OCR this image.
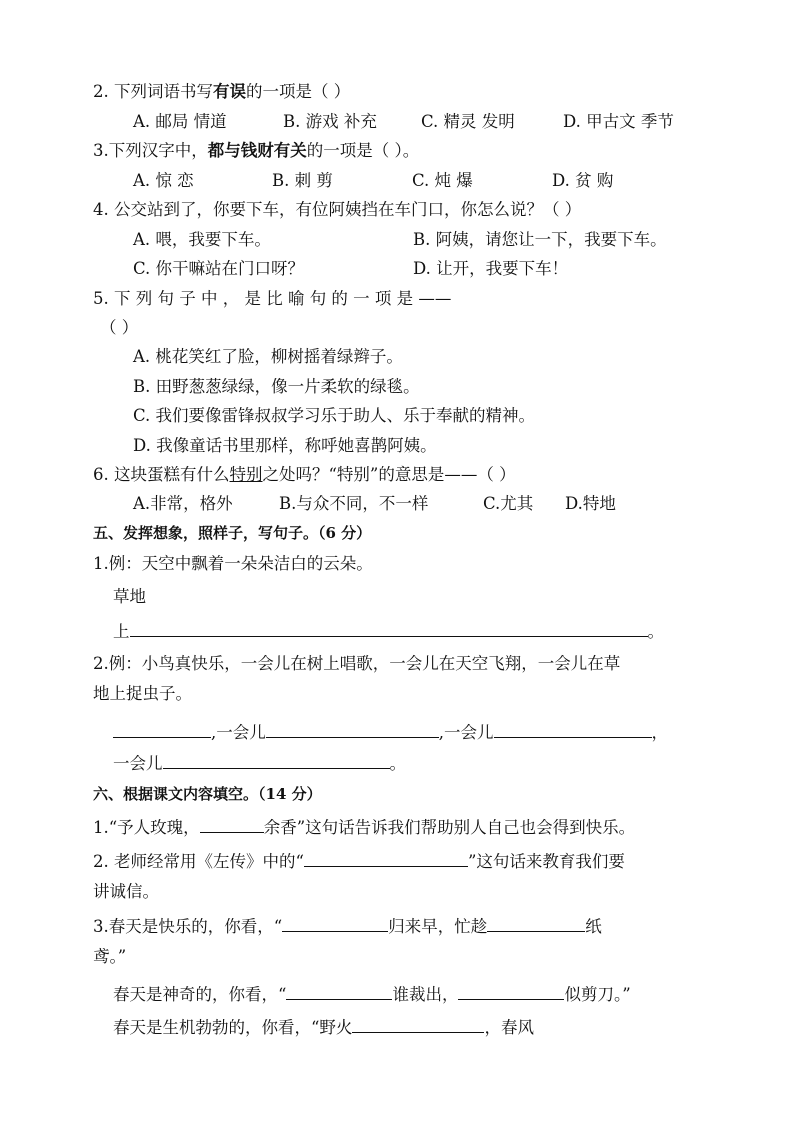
2. 下列词语书写有误的一项是（ ）
A. 邮局 情道	B. 游戏 补充	C. 精灵 发明	D. 甲古文 季节
3.下列汉字中，都与钱财有关的一项是（ ）。
A. 惊 恋	B. 刺 剪	C. 炖 爆	D. 贫 购
4. 公交站到了，你要下车，有位阿姨挡在车门口，你怎么说？（ ）
A. 喂，我要下车。	B. 阿姨，请您让一下，我要下车。
C. 你干嘛站在门口呀？	D. 让开，我要下车！
5. 下 列 句 子 中 ， 是 比 喻 句 的 一 项 是 ——
（ ）
A. 桃花笑红了脸，柳树摇着绿辫子。
B. 田野葱葱绿绿，像一片柔软的绿毯。
C. 我们要像雷锋叔叔学习乐于助人、乐于奉献的精神。
D. 我像童话书里那样，称呼她喜鹊阿姨。
6. 这块蛋糕有什么特别之处吗？“特别”的意思是——（ ）
A.非常，格外	B.与众不同，不一样	C.尤其 D.特地
五、发挥想象，照样子，写句子。（6 分）
1.例：天空中飘着一朵朵洁白的云朵。
草地
上	。
2.例：小鸟真快乐，一会儿在树上唱歌，一会儿在天空飞翔，一会儿在草
地上捉虫子。
,一会儿	,一会儿	，
一会儿	。
六、根据课文内容填空。（14 分）
1.“予人玫瑰，	余香”这句话告诉我们帮助别人自己也会得到快乐。
2. 老师经常用《左传》中的“	”这句话来教育我们要
讲诚信。
3.春天是快乐的，你看，“	归来早，忙趁	纸
鸢。”
春天是神奇的，你看，“	谁裁出，	似剪刀。”
春天是生机勃勃的，你看，“野火	，春风
